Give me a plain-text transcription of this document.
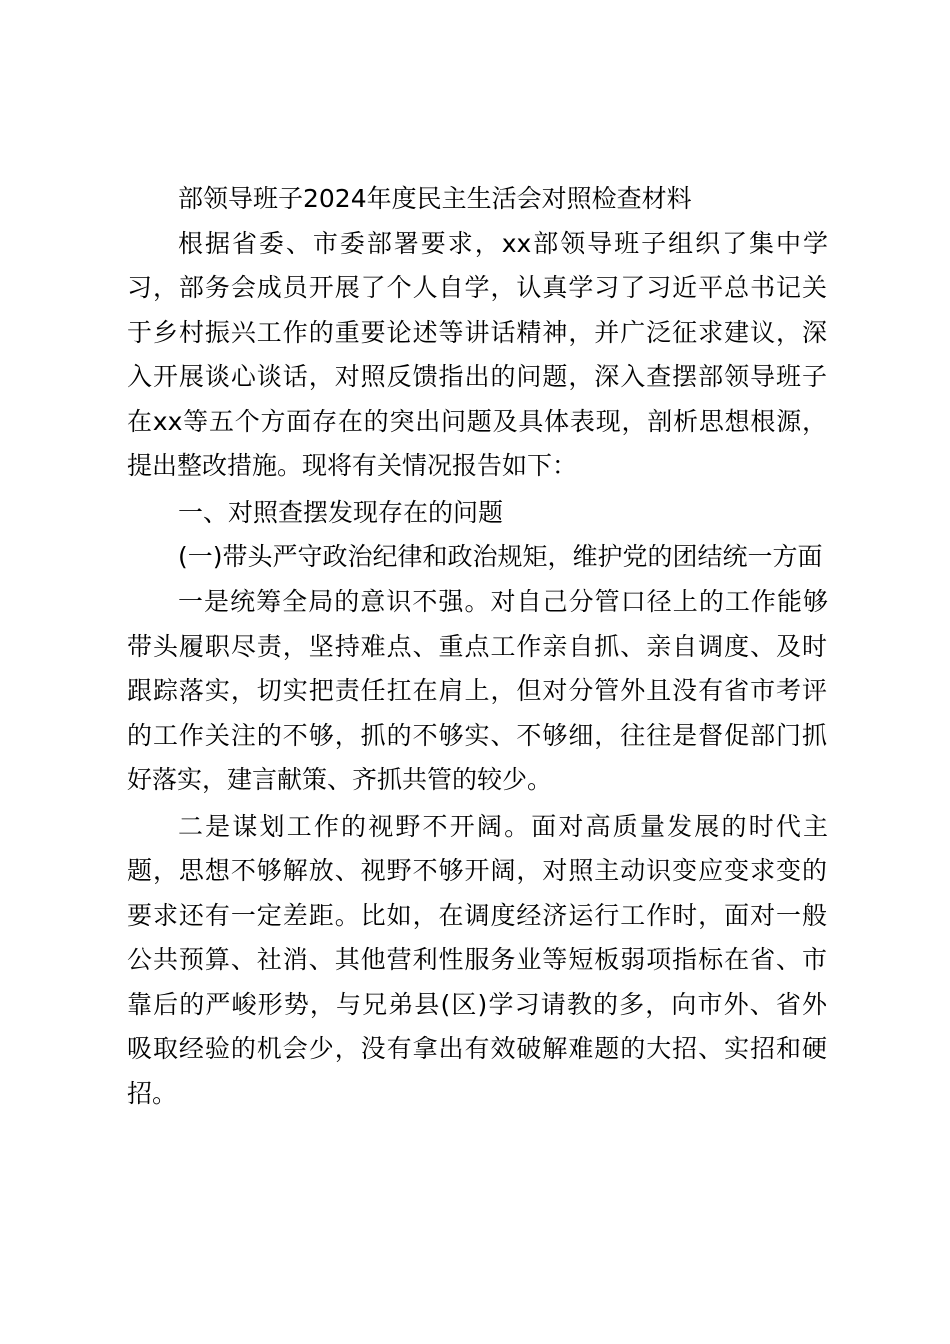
部领导班子2024年度民主生活会对照检查材料
根据省委、市委部署要求，xx部领导班子组织了集中学
习，部务会成员开展了个人自学，认真学习了习近平总书记关
于乡村振兴工作的重要论述等讲话精神，并广泛征求建议，深
入开展谈心谈话，对照反馈指出的问题，深入查摆部领导班子
在xx等五个方面存在的突出问题及具体表现，剖析思想根源，
提出整改措施。现将有关情况报告如下：
一、对照查摆发现存在的问题
(一)带头严守政治纪律和政治规矩，维护党的团结统一方面
一是统筹全局的意识不强。对自己分管口径上的工作能够
带头履职尽责，坚持难点、重点工作亲自抓、亲自调度、及时
跟踪落实，切实把责任扛在肩上，但对分管外且没有省市考评
的工作关注的不够，抓的不够实、不够细，往往是督促部门抓
好落实，建言献策、齐抓共管的较少。
二是谋划工作的视野不开阔。面对高质量发展的时代主
题，思想不够解放、视野不够开阔，对照主动识变应变求变的
要求还有一定差距。比如，在调度经济运行工作时，面对一般
公共预算、社消、其他营利性服务业等短板弱项指标在省、市
靠后的严峻形势，与兄弟县(区)学习请教的多，向市外、省外
吸取经验的机会少，没有拿出有效破解难题的大招、实招和硬
招。
